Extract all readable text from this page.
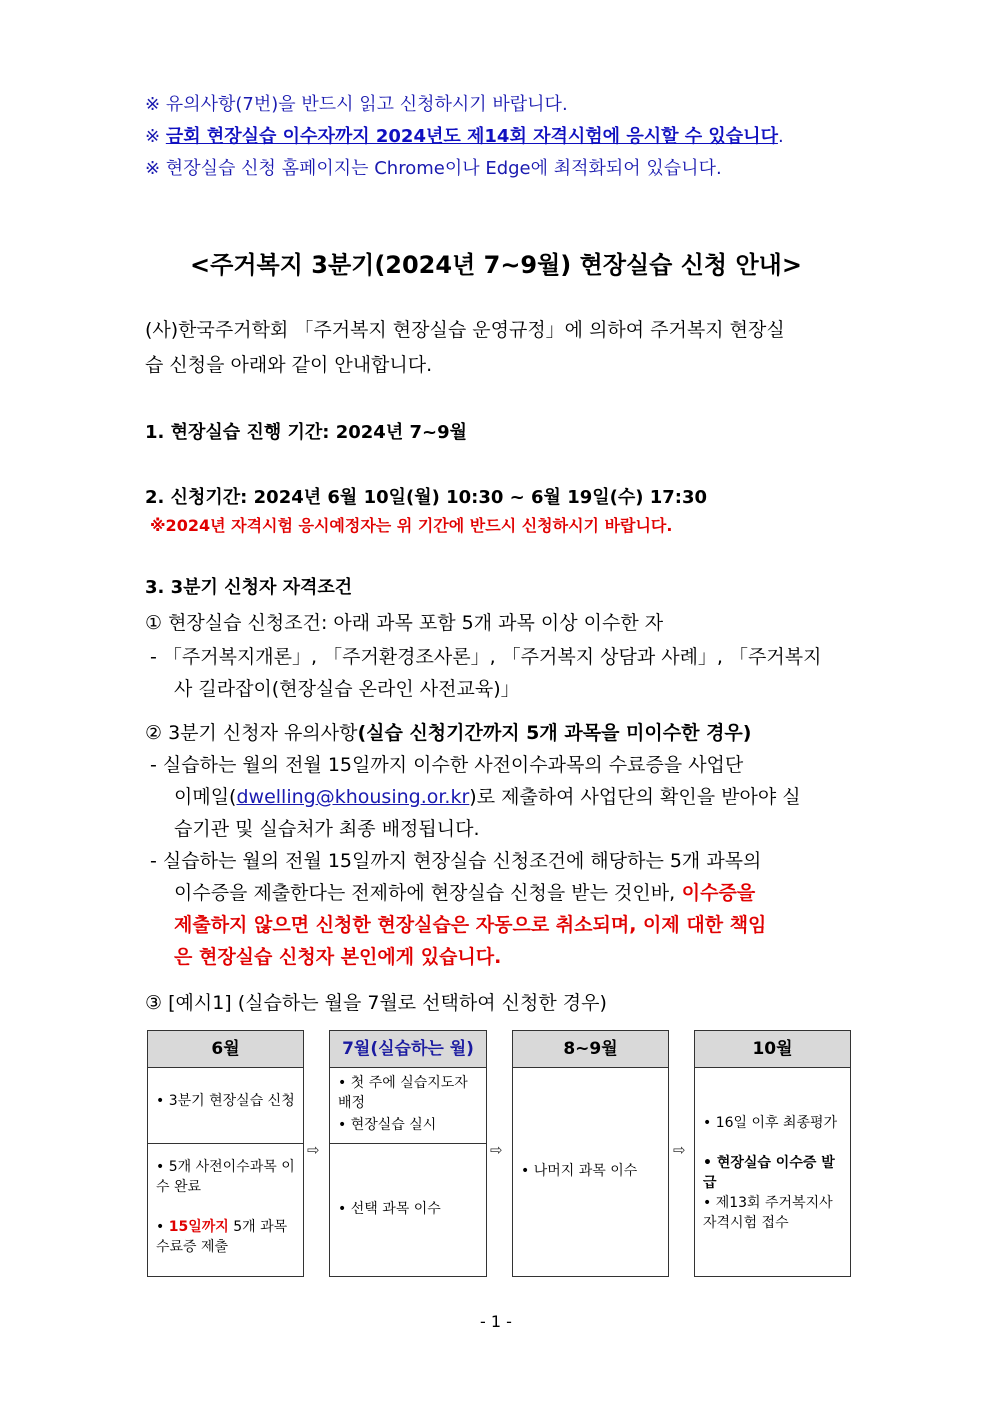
※ 유의사항(7번)을 반드시 읽고 신청하시기 바랍니다.
※ 금회 현장실습 이수자까지 2024년도 제14회 자격시험에 응시할 수 있습니다.
※ 현장실습 신청 홈페이지는 Chrome이나 Edge에 최적화되어 있습니다.
<주거복지 3분기(2024년 7~9월) 현장실습 신청 안내>
(사)한국주거학회 「주거복지 현장실습 운영규정」에 의하여 주거복지 현장실
습 신청을 아래와 같이 안내합니다.
1. 현장실습 진행 기간: 2024년 7~9월
2. 신청기간: 2024년 6월 10일(월) 10:30 ~ 6월 19일(수) 17:30
※2024년 자격시험 응시예정자는 위 기간에 반드시 신청하시기 바랍니다.
3. 3분기 신청자 자격조건
① 현장실습 신청조건: 아래 과목 포함 5개 과목 이상 이수한 자
- 「주거복지개론」, 「주거환경조사론」, 「주거복지 상담과 사례」, 「주거복지
사 길라잡이(현장실습 온라인 사전교육)」
② 3분기 신청자 유의사항(실습 신청기간까지 5개 과목을 미이수한 경우)
- 실습하는 월의 전월 15일까지 이수한 사전이수과목의 수료증을 사업단
이메일(dwelling@khousing.or.kr)로 제출하여 사업단의 확인을 받아야 실
습기관 및 실습처가 최종 배정됩니다.
- 실습하는 월의 전월 15일까지 현장실습 신청조건에 해당하는 5개 과목의
이수증을 제출한다는 전제하에 현장실습 신청을 받는 것인바, 이수증을
제출하지 않으면 신청한 현장실습은 자동으로 취소되며, 이제 대한 책임
은 현장실습 신청자 본인에게 있습니다.
③ [예시1] (실습하는 월을 7월로 선택하여 신청한 경우)
6월
• 3분기 현장실습 신청
• 5개 사전이수과목 이수 완료
• 15일까지 5개 과목 수료증 제출
⇨
7월(실습하는 월)
• 첫 주에 실습지도자 배정
• 현장실습 실시
• 선택 과목 이수
⇨
8~9월
• 나머지 과목 이수
⇨
10월
• 16일 이후 최종평가
• 현장실습 이수증 발급
• 제13회 주거복지사 자격시험 접수
- 1 -
